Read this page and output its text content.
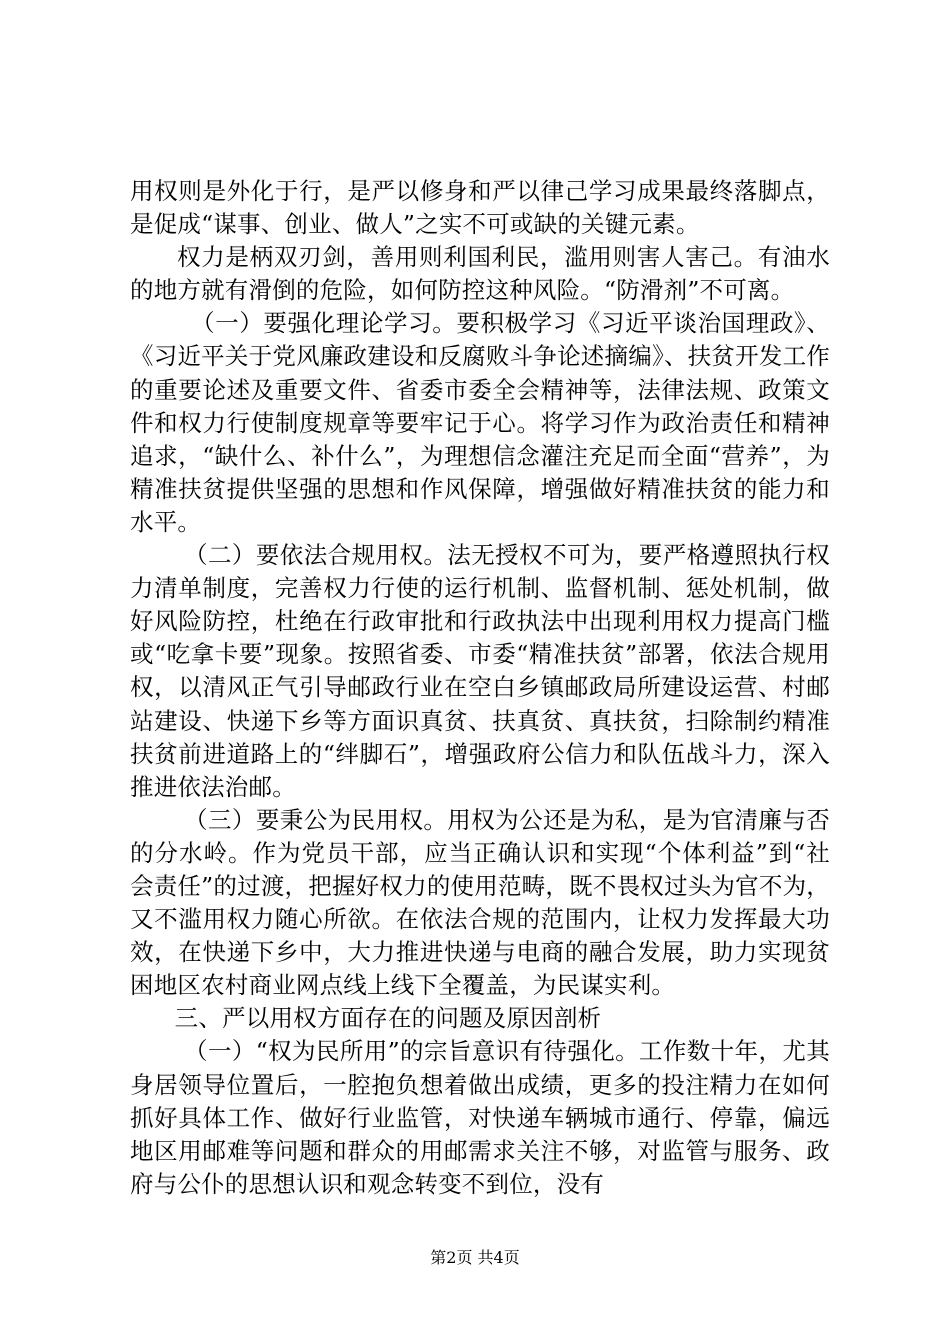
用权则是外化于行，是严以修身和严以律己学习成果最终落脚点，是促成“谋事、创业、做人”之实不可或缺的关键元素。

权力是柄双刃剑，善用则利国利民，滥用则害人害己。有油水的地方就有滑倒的危险，如何防控这种风险。“防滑剂”不可离。

（一）要强化理论学习。要积极学习《习近平谈治国理政》、《习近平关于党风廉政建设和反腐败斗争论述摘编》、扶贫开发工作的重要论述及重要文件、省委市委全会精神等，法律法规、政策文件和权力行使制度规章等要牢记于心。将学习作为政治责任和精神追求，“缺什么、补什么”，为理想信念灌注充足而全面“营养”，为精准扶贫提供坚强的思想和作风保障，增强做好精准扶贫的能力和水平。

（二）要依法合规用权。法无授权不可为，要严格遵照执行权力清单制度，完善权力行使的运行机制、监督机制、惩处机制，做好风险防控，杜绝在行政审批和行政执法中出现利用权力提高门槛或“吃拿卡要”现象。按照省委、市委“精准扶贫”部署，依法合规用权，以清风正气引导邮政行业在空白乡镇邮政局所建设运营、村邮站建设、快递下乡等方面识真贫、扶真贫、真扶贫，扫除制约精准扶贫前进道路上的“绊脚石”，增强政府公信力和队伍战斗力，深入推进依法治邮。

（三）要秉公为民用权。用权为公还是为私，是为官清廉与否的分水岭。作为党员干部，应当正确认识和实现“个体利益”到“社会责任”的过渡，把握好权力的使用范畴，既不畏权过头为官不为，又不滥用权力随心所欲。在依法合规的范围内，让权力发挥最大功效，在快递下乡中，大力推进快递与电商的融合发展，助力实现贫困地区农村商业网点线上线下全覆盖，为民谋实利。

三、严以用权方面存在的问题及原因剖析

（一）“权为民所用”的宗旨意识有待强化。工作数十年，尤其身居领导位置后，一腔抱负想着做出成绩，更多的投注精力在如何抓好具体工作、做好行业监管，对快递车辆城市通行、停靠，偏远地区用邮难等问题和群众的用邮需求关注不够，对监管与服务、政府与公仆的思想认识和观念转变不到位，没有

第2页 共4页
